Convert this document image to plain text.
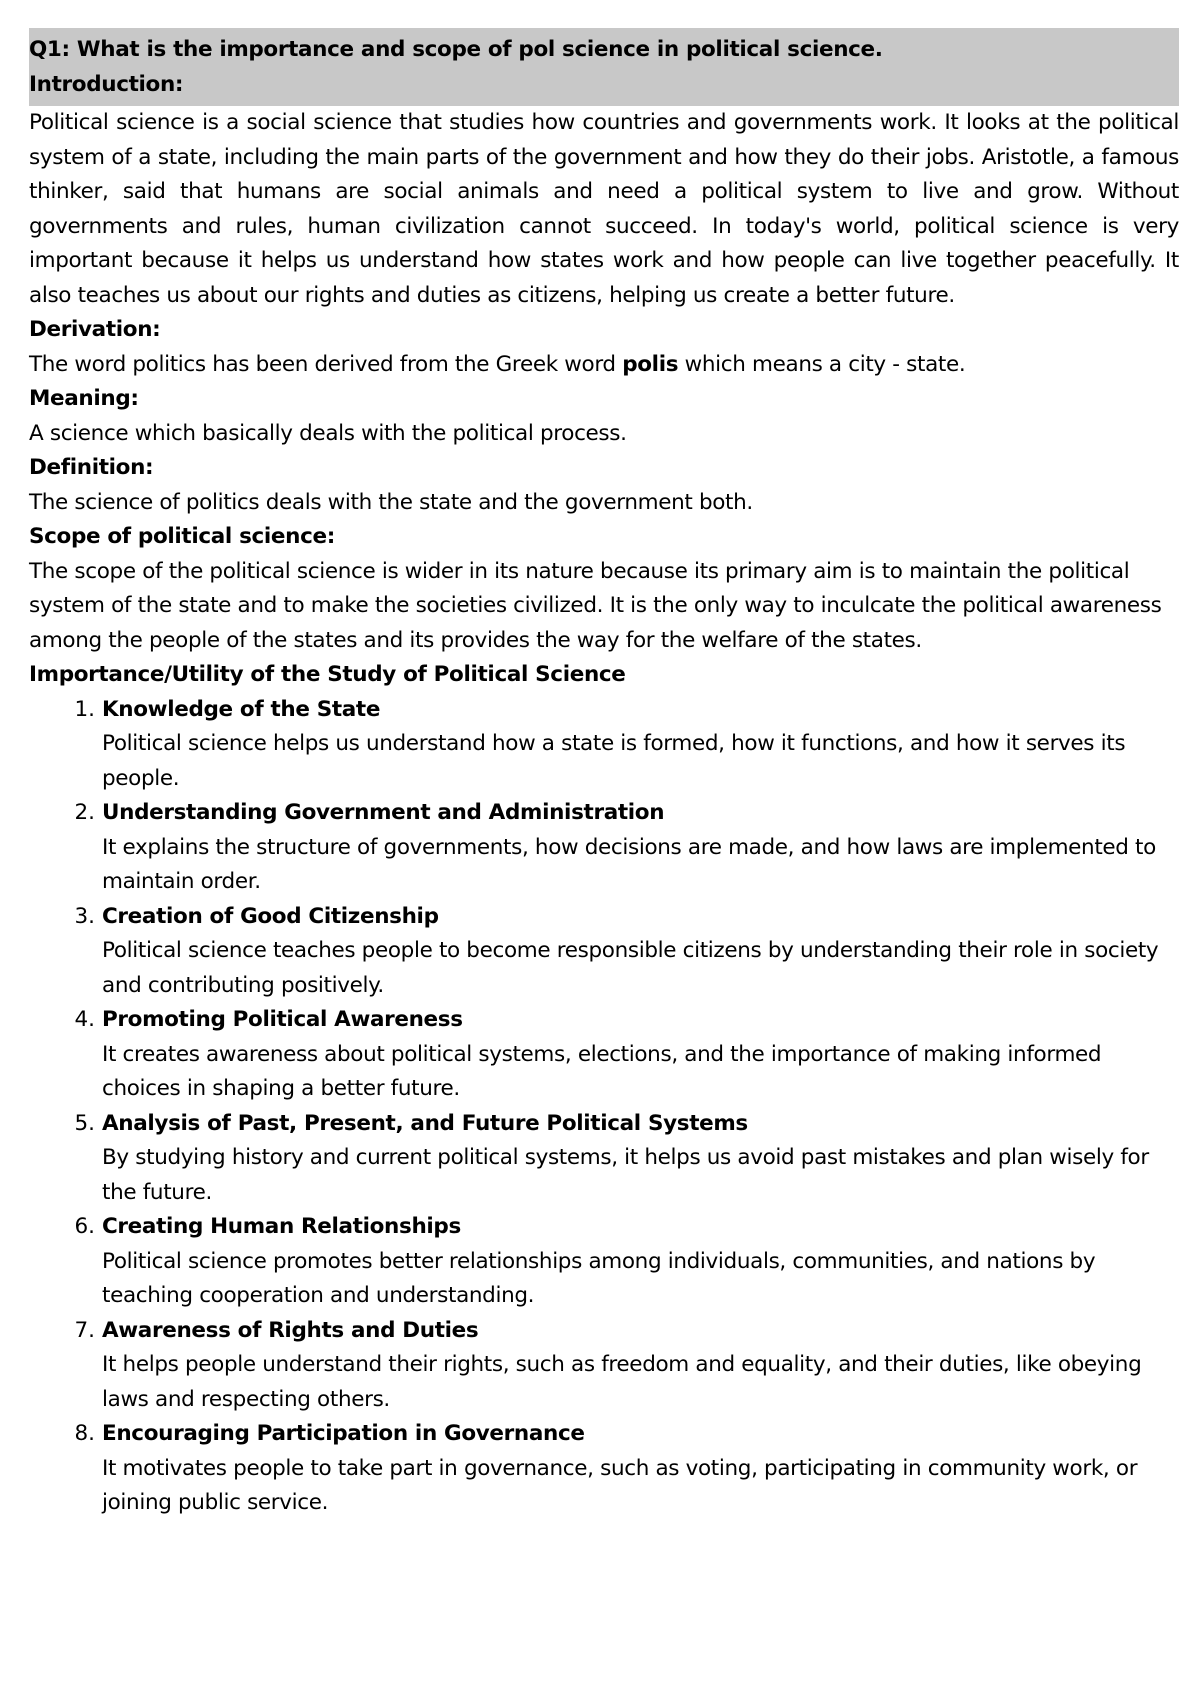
Q1: What is the importance and scope of pol science in political science.
Introduction:

Political science is a social science that studies how countries and governments work. It looks at the political system of a state, including the main parts of the government and how they do their jobs. Aristotle, a famous thinker, said that humans are social animals and need a political system to live and grow. Without governments and rules, human civilization cannot succeed. In today's world, political science is very important because it helps us understand how states work and how people can live together peacefully. It also teaches us about our rights and duties as citizens, helping us create a better future.

Derivation:
The word politics has been derived from the Greek word polis which means a city - state.
Meaning:
A science which basically deals with the political process.
Definition:
The science of politics deals with the state and the government both.
Scope of political science:

The scope of the political science is wider in its nature because its primary aim is to maintain the political system of the state and to make the societies civilized. It is the only way to inculcate the political awareness among the people of the states and its provides the way for the welfare of the states.

Importance/Utility of the Study of Political Science
1. Knowledge of the State
Political science helps us understand how a state is formed, how it functions, and how it serves its people.
2. Understanding Government and Administration
It explains the structure of governments, how decisions are made, and how laws are implemented to maintain order.
3. Creation of Good Citizenship
Political science teaches people to become responsible citizens by understanding their role in society and contributing positively.
4. Promoting Political Awareness
It creates awareness about political systems, elections, and the importance of making informed choices in shaping a better future.
5. Analysis of Past, Present, and Future Political Systems
By studying history and current political systems, it helps us avoid past mistakes and plan wisely for the future.
6. Creating Human Relationships
Political science promotes better relationships among individuals, communities, and nations by teaching cooperation and understanding.
7. Awareness of Rights and Duties
It helps people understand their rights, such as freedom and equality, and their duties, like obeying laws and respecting others.
8. Encouraging Participation in Governance
It motivates people to take part in governance, such as voting, participating in community work, or joining public service.
